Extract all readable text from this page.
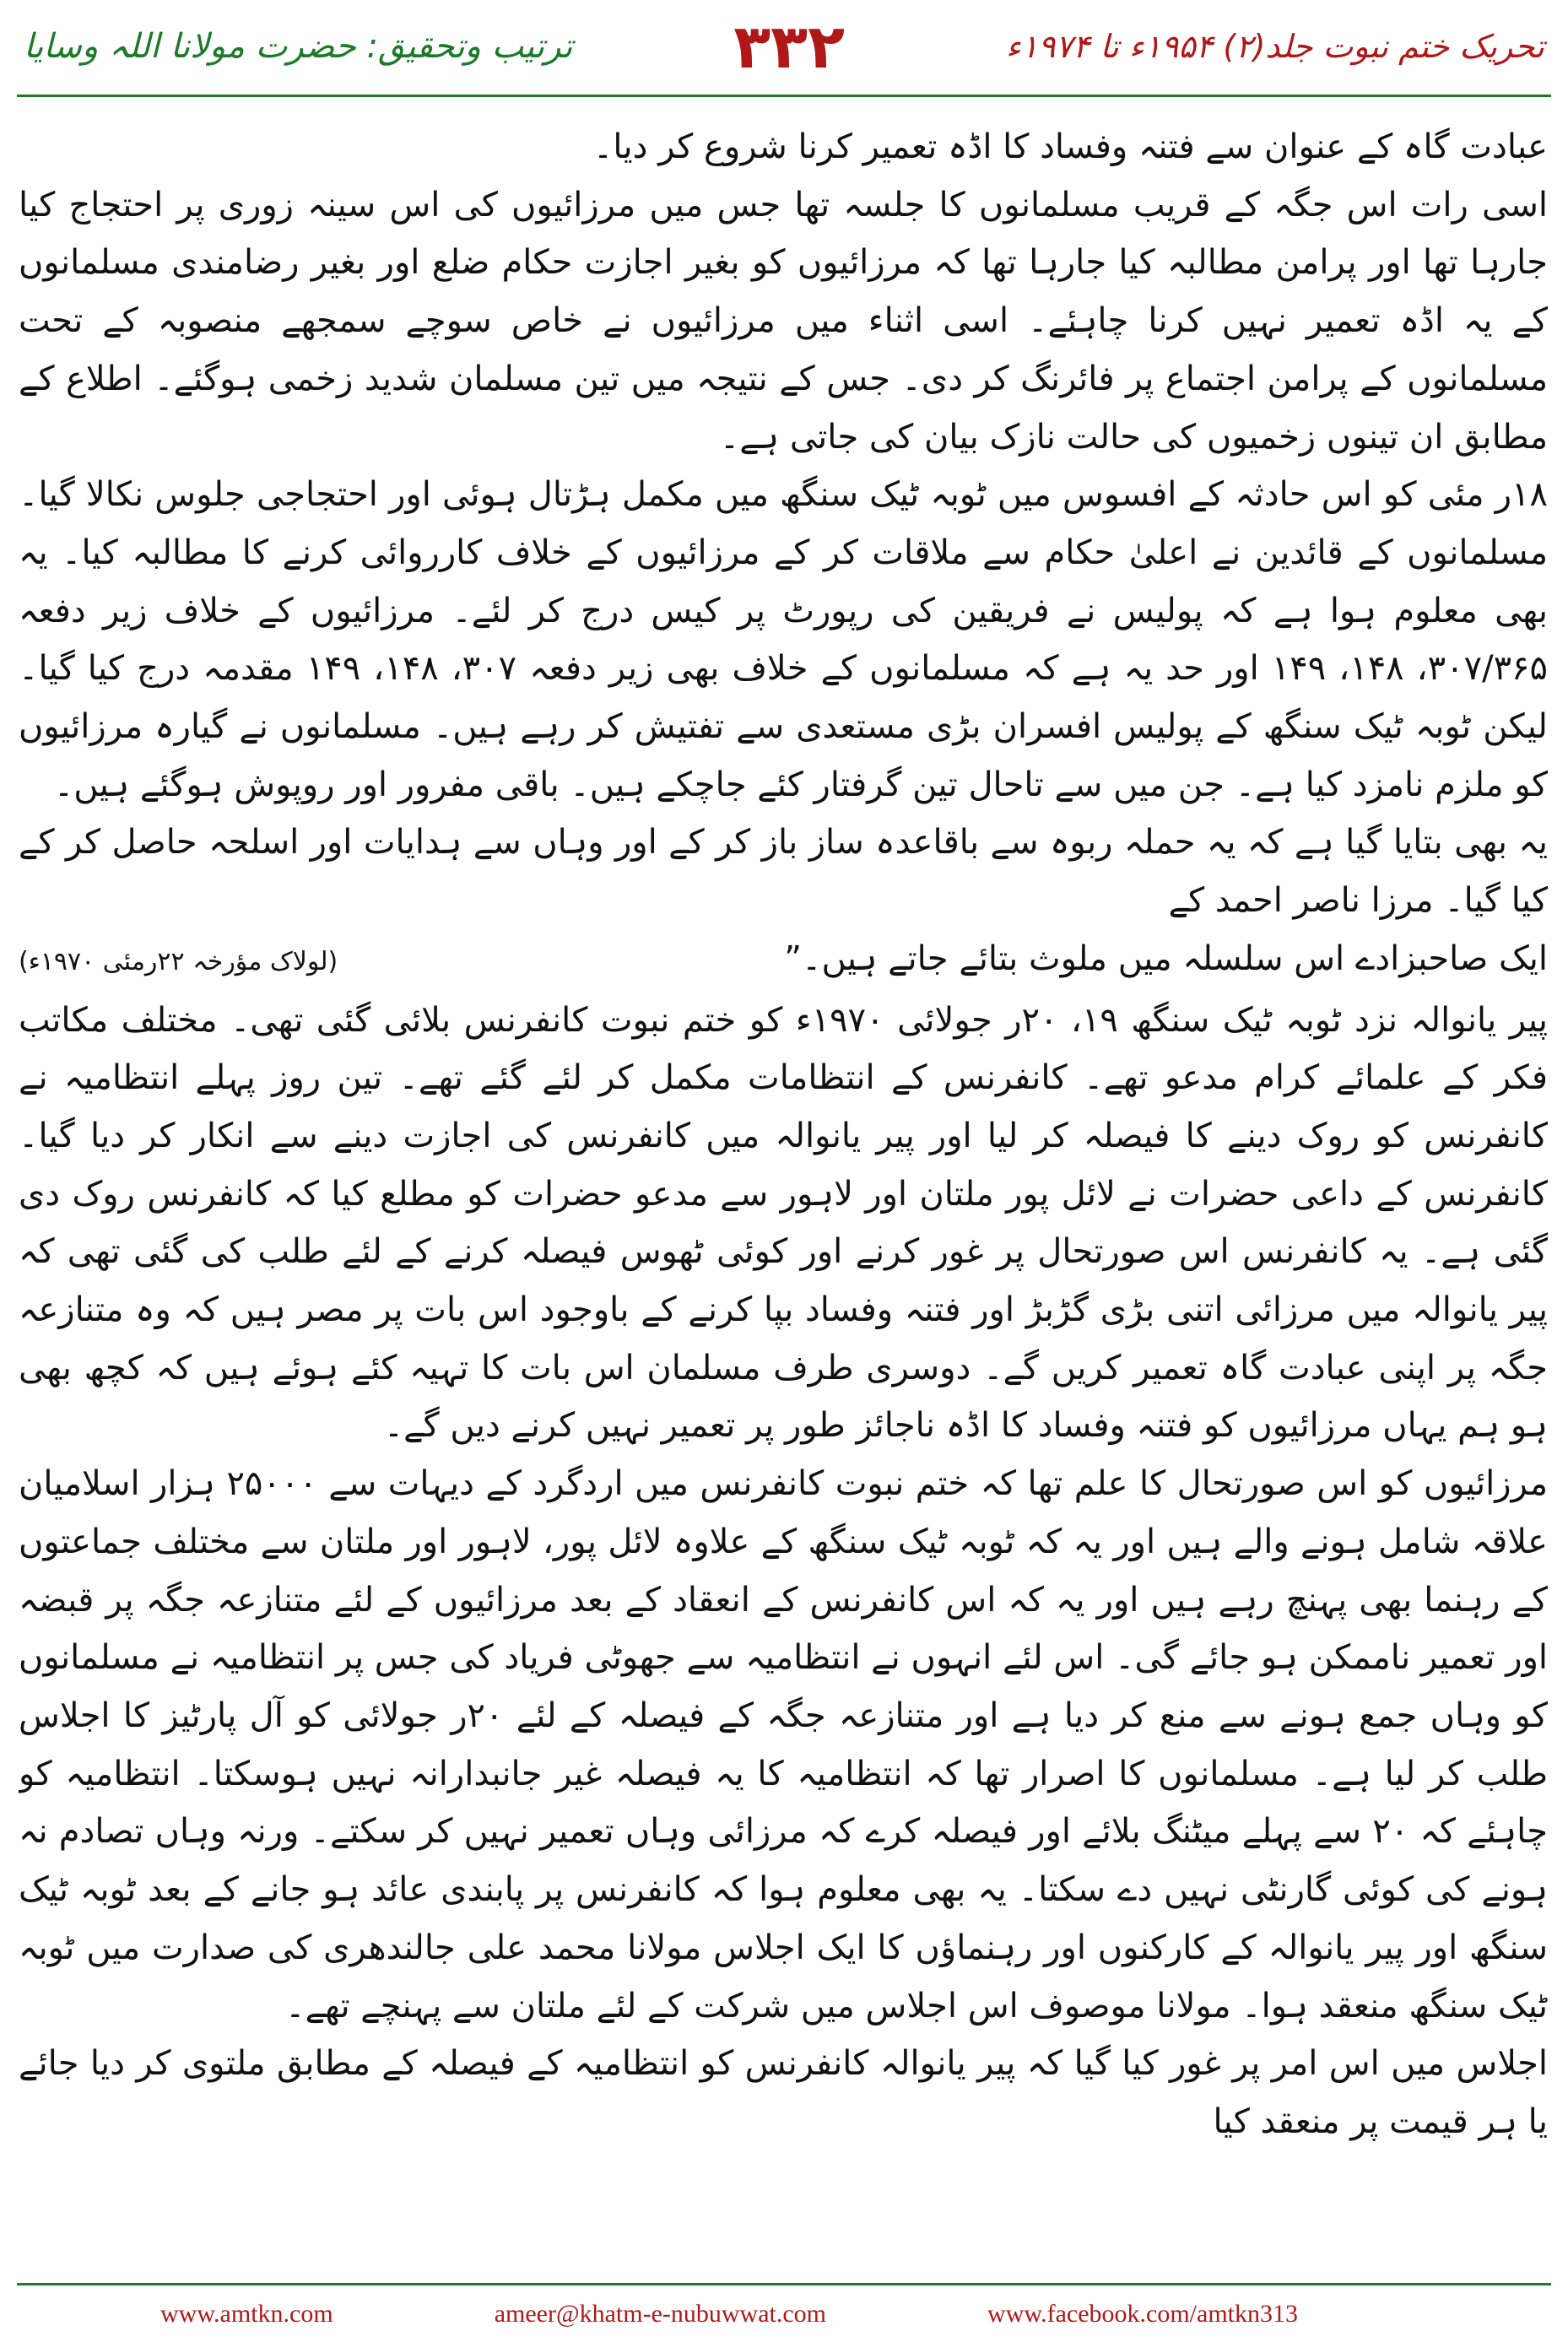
ترتیب وتحقیق: حضرت مولانا اللہ وسایا	۳۳۲	تحریک ختم نبوت جلد(۲) ۱۹۵۴ء تا ۱۹۷۴ء

عبادت گاہ کے عنوان سے فتنہ وفساد کا اڈہ تعمیر کرنا شروع کر دیا۔

اسی رات اس جگہ کے قریب مسلمانوں کا جلسہ تھا جس میں مرزائیوں کی اس سینہ زوری پر احتجاج کیا جارہا تھا اور پرامن مطالبہ کیا جارہا تھا کہ مرزائیوں کو بغیر اجازت حکام ضلع اور بغیر رضامندی مسلمانوں کے یہ اڈہ تعمیر نہیں کرنا چاہئے۔ اسی اثناء میں مرزائیوں نے خاص سوچے سمجھے منصوبہ کے تحت مسلمانوں کے پرامن اجتماع پر فائرنگ کر دی۔ جس کے نتیجہ میں تین مسلمان شدید زخمی ہوگئے۔ اطلاع کے مطابق ان تینوں زخمیوں کی حالت نازک بیان کی جاتی ہے۔

۱۸ر مئی کو اس حادثہ کے افسوس میں ٹوبہ ٹیک سنگھ میں مکمل ہڑتال ہوئی اور احتجاجی جلوس نکالا گیا۔ مسلمانوں کے قائدین نے اعلیٰ حکام سے ملاقات کر کے مرزائیوں کے خلاف کارروائی کرنے کا مطالبہ کیا۔ یہ بھی معلوم ہوا ہے کہ پولیس نے فریقین کی رپورٹ پر کیس درج کر لئے۔ مرزائیوں کے خلاف زیر دفعہ ۳۰۷/۳۶۵، ۱۴۸، ۱۴۹ اور حد یہ ہے کہ مسلمانوں کے خلاف بھی زیر دفعہ ۳۰۷، ۱۴۸، ۱۴۹ مقدمہ درج کیا گیا۔ لیکن ٹوبہ ٹیک سنگھ کے پولیس افسران بڑی مستعدی سے تفتیش کر رہے ہیں۔ مسلمانوں نے گیارہ مرزائیوں کو ملزم نامزد کیا ہے۔ جن میں سے تاحال تین گرفتار کئے جاچکے ہیں۔ باقی مفرور اور روپوش ہوگئے ہیں۔

یہ بھی بتایا گیا ہے کہ یہ حملہ ربوہ سے باقاعدہ ساز باز کر کے اور وہاں سے ہدایات اور اسلحہ حاصل کر کے کیا گیا۔ مرزا ناصر احمد کے

ایک صاحبزادے اس سلسلہ میں ملوث بتائے جاتے ہیں۔”
(لولاک مؤرخہ ۲۲رمئی ۱۹۷۰ء)

پیر یانوالہ نزد ٹوبہ ٹیک سنگھ ۱۹، ۲۰ر جولائی ۱۹۷۰ء کو ختم نبوت کانفرنس بلائی گئی تھی۔ مختلف مکاتب فکر کے علمائے کرام مدعو تھے۔ کانفرنس کے انتظامات مکمل کر لئے گئے تھے۔ تین روز پہلے انتظامیہ نے کانفرنس کو روک دینے کا فیصلہ کر لیا اور پیر یانوالہ میں کانفرنس کی اجازت دینے سے انکار کر دیا گیا۔ کانفرنس کے داعی حضرات نے لائل پور ملتان اور لاہور سے مدعو حضرات کو مطلع کیا کہ کانفرنس روک دی گئی ہے۔ یہ کانفرنس اس صورتحال پر غور کرنے اور کوئی ٹھوس فیصلہ کرنے کے لئے طلب کی گئی تھی کہ پیر یانوالہ میں مرزائی اتنی بڑی گڑبڑ اور فتنہ وفساد بپا کرنے کے باوجود اس بات پر مصر ہیں کہ وہ متنازعہ جگہ پر اپنی عبادت گاہ تعمیر کریں گے۔ دوسری طرف مسلمان اس بات کا تہیہ کئے ہوئے ہیں کہ کچھ بھی ہو ہم یہاں مرزائیوں کو فتنہ وفساد کا اڈہ ناجائز طور پر تعمیر نہیں کرنے دیں گے۔

مرزائیوں کو اس صورتحال کا علم تھا کہ ختم نبوت کانفرنس میں اردگرد کے دیہات سے ۲۵۰۰۰ ہزار اسلامیان علاقہ شامل ہونے والے ہیں اور یہ کہ ٹوبہ ٹیک سنگھ کے علاوہ لائل پور، لاہور اور ملتان سے مختلف جماعتوں کے رہنما بھی پہنچ رہے ہیں اور یہ کہ اس کانفرنس کے انعقاد کے بعد مرزائیوں کے لئے متنازعہ جگہ پر قبضہ اور تعمیر ناممکن ہو جائے گی۔ اس لئے انہوں نے انتظامیہ سے جھوٹی فریاد کی جس پر انتظامیہ نے مسلمانوں کو وہاں جمع ہونے سے منع کر دیا ہے اور متنازعہ جگہ کے فیصلہ کے لئے ۲۰ر جولائی کو آل پارٹیز کا اجلاس طلب کر لیا ہے۔ مسلمانوں کا اصرار تھا کہ انتظامیہ کا یہ فیصلہ غیر جانبدارانہ نہیں ہوسکتا۔ انتظامیہ کو چاہئے کہ ۲۰ سے پہلے میٹنگ بلائے اور فیصلہ کرے کہ مرزائی وہاں تعمیر نہیں کر سکتے۔ ورنہ وہاں تصادم نہ ہونے کی کوئی گارنٹی نہیں دے سکتا۔ یہ بھی معلوم ہوا کہ کانفرنس پر پابندی عائد ہو جانے کے بعد ٹوبہ ٹیک سنگھ اور پیر یانوالہ کے کارکنوں اور رہنماؤں کا ایک اجلاس مولانا محمد علی جالندھری کی صدارت میں ٹوبہ ٹیک سنگھ منعقد ہوا۔ مولانا موصوف اس اجلاس میں شرکت کے لئے ملتان سے پہنچے تھے۔

اجلاس میں اس امر پر غور کیا گیا کہ پیر یانوالہ کانفرنس کو انتظامیہ کے فیصلہ کے مطابق ملتوی کر دیا جائے یا ہر قیمت پر منعقد کیا

www.amtkn.com	ameer@khatm-e-nubuwwat.com	www.facebook.com/amtkn313
